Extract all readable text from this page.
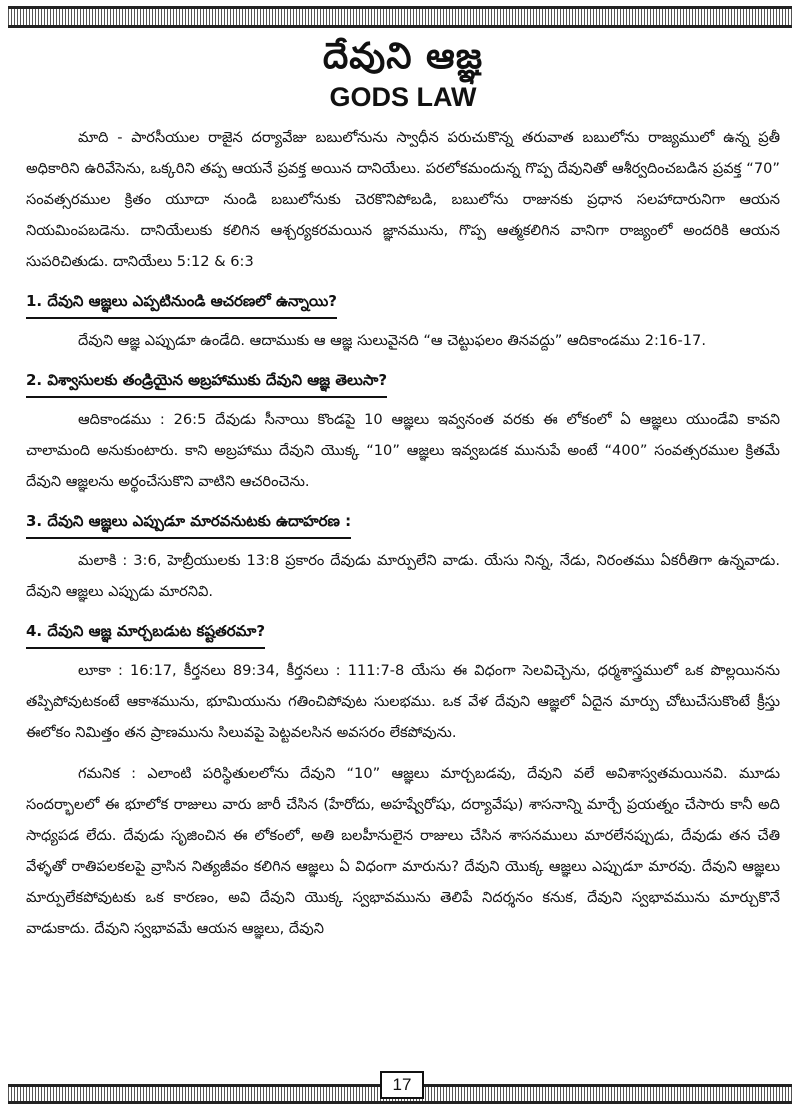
దేవుని ఆజ్ఞ
GODS LAW

మాది - పారసీయుల రాజైన దర్యావేజు బబులోనును స్వాధీన పరుచుకొన్న తరువాత బబులోను రాజ్యములో ఉన్న ప్రతీ అధికారిని ఉరివేసెను, ఒక్కరిని తప్ప ఆయనే ప్రవక్త అయిన దానియేలు. పరలోకమందున్న గొప్ప దేవునితో ఆశీర్వదించబడిన ప్రవక్త “70” సంవత్సరముల క్రితం యూదా నుండి బబులోనుకు చెరకొనిపోబడి, బబులోను రాజునకు ప్రధాన సలహాదారునిగా ఆయన నియమింపబడెను. దానియేలుకు కలిగిన ఆశ్చర్యకరమయిన జ్ఞానమును, గొప్ప ఆత్మకలిగిన వానిగా రాజ్యంలో అందరికి ఆయన సుపరిచితుడు. దానియేలు 5:12 & 6:3

1. దేవుని ఆజ్ఞలు ఎప్పటినుండి ఆచరణలో ఉన్నాయి?

దేవుని ఆజ్ఞ ఎప్పుడూ ఉండేది. ఆదాముకు ఆ ఆజ్ఞ సులువైనది “ఆ చెట్టుఫలం తినవద్దు” ఆదికాండము 2:16-17.

2. విశ్వాసులకు తండ్రియైన అబ్రహాముకు దేవుని ఆజ్ఞ తెలుసా?

ఆదికాండము : 26:5 దేవుడు సీనాయి కొండపై 10 ఆజ్ఞలు ఇవ్వనంత వరకు ఈ లోకంలో ఏ ఆజ్ఞలు యుండేవి కావని చాలామంది అనుకుంటారు. కాని అబ్రహాము దేవుని యొక్క “10” ఆజ్ఞలు ఇవ్వబడక మునుపే అంటే “400” సంవత్సరముల క్రితమే దేవుని ఆజ్ఞలను అర్థంచేసుకొని వాటిని ఆచరించెను.

3. దేవుని ఆజ్ఞలు ఎప్పుడూ మారవనుటకు ఉదాహరణ :

మలాకి : 3:6, హెబ్రీయులకు 13:8 ప్రకారం దేవుడు మార్పులేని వాడు. యేసు నిన్న, నేడు, నిరంతము ఏకరీతిగా ఉన్నవాడు. దేవుని ఆజ్ఞలు ఎప్పుడు మారనివి.

4. దేవుని ఆజ్ఞ మార్చబడుట కష్టతరమా?

లూకా : 16:17, కీర్తనలు 89:34, కీర్తనలు : 111:7-8 యేసు ఈ విధంగా సెలవిచ్చెను, ధర్మశాస్త్రములో ఒక పొల్లయినను తప్పిపోవుటకంటే ఆకాశమును, భూమియును గతించిపోవుట సులభము. ఒక వేళ దేవుని ఆజ్ఞలో ఏదైన మార్పు చోటుచేసుకొంటే క్రీస్తు ఈలోకం నిమిత్తం తన ప్రాణమును సిలువపై పెట్టవలసిన అవసరం లేకపోవును.

గమనిక : ఎలాంటి పరిస్థితులలోను దేవుని “10” ఆజ్ఞలు మార్చబడవు, దేవుని వలే అవిశాస్వతమయినవి. మూడు సందర్భాలలో ఈ భూలోక రాజులు వారు జారీ చేసిన (హేరోదు, అహష్వేరోషు, దర్యావేషు) శాసనాన్ని మార్చే ప్రయత్నం చేసారు కానీ అది సాధ్యపడ లేదు. దేవుడు సృజించిన ఈ లోకంలో, అతి బలహీనులైన రాజులు చేసిన శాసనములు మారలేనప్పుడు, దేవుడు తన చేతి వేళ్ళతో రాతిపలకలపై వ్రాసిన నిత్యజీవం కలిగిన ఆజ్ఞలు ఏ విధంగా మారును? దేవుని యొక్క ఆజ్ఞలు ఎప్పుడూ మారవు. దేవుని ఆజ్ఞలు మార్పులేకపోవుటకు ఒక కారణం, అవి దేవుని యొక్క స్వభావమును తెలిపే నిదర్శనం కనుక, దేవుని స్వభావమును మార్చుకొనే వాడుకాదు. దేవుని స్వభావమే ఆయన ఆజ్ఞలు, దేవుని

17
